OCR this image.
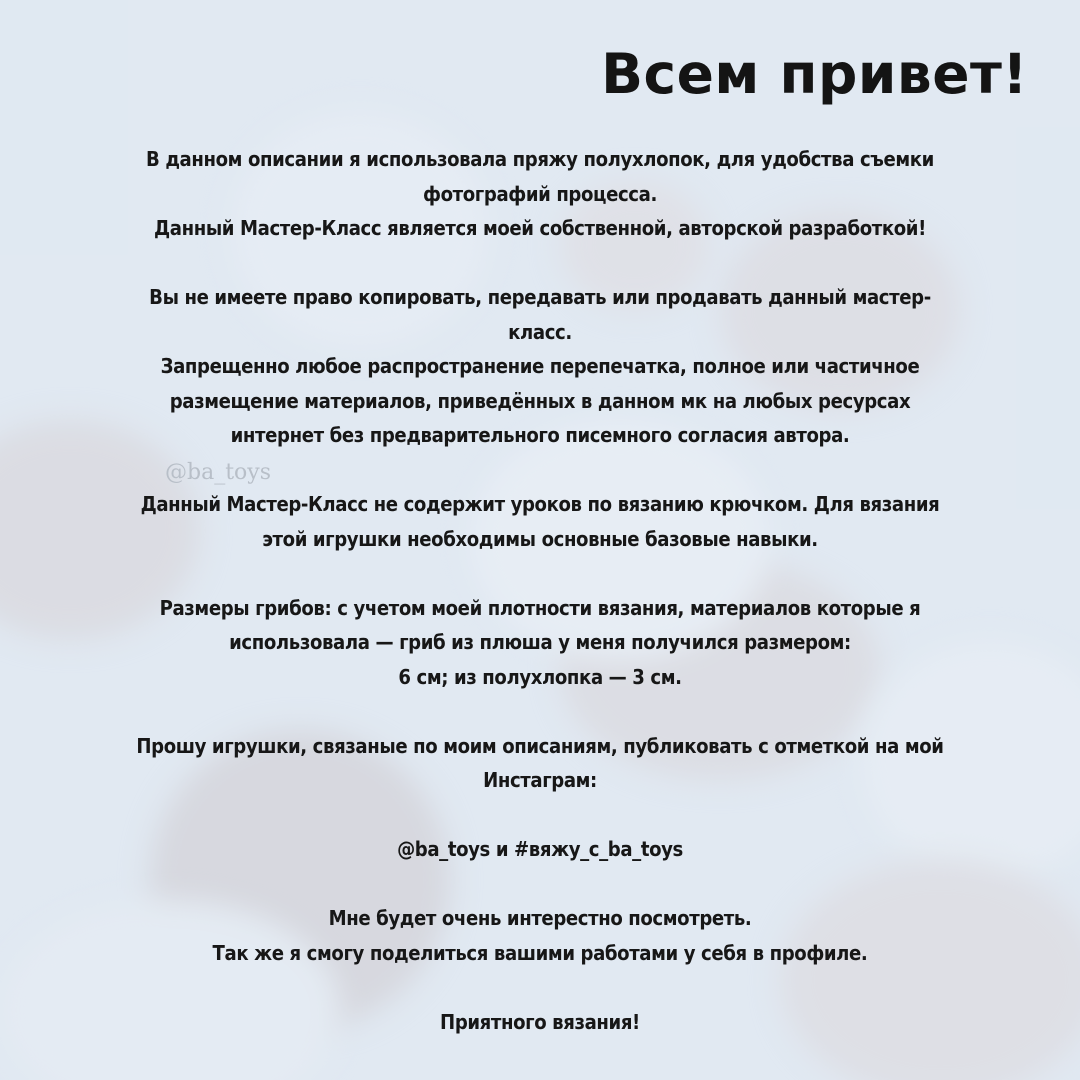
@ba_toys
Всем привет!
В данном описании я использовала пряжу полухлопок, для удобства съемки
фотографий процесса.
Данный Мастер-Класс является моей собственной, авторской разработкой!
Вы не имеете право копировать, передавать или продавать данный мастер-
класс.
Запрещенно любое распространение перепечатка, полное или частичное
размещение материалов, приведённых в данном мк на любых ресурсах
интернет без предварительного писемного согласия автора.
Данный Мастер-Класс не содержит уроков по вязанию крючком. Для вязания
этой игрушки необходимы основные базовые навыки.
Размеры грибов: с учетом моей плотности вязания, материалов которые я
использовала — гриб из плюша у меня получился размером:
6 см; из полухлопка — 3 см.
Прошу игрушки, связаные по моим описаниям, публиковать с отметкой на мой
Инстаграм:
@ba_toys и #вяжу_с_ba_toys
Мне будет очень интерестно посмотреть.
Так же я смогу поделиться вашими работами у себя в профиле.
Приятного вязания!
